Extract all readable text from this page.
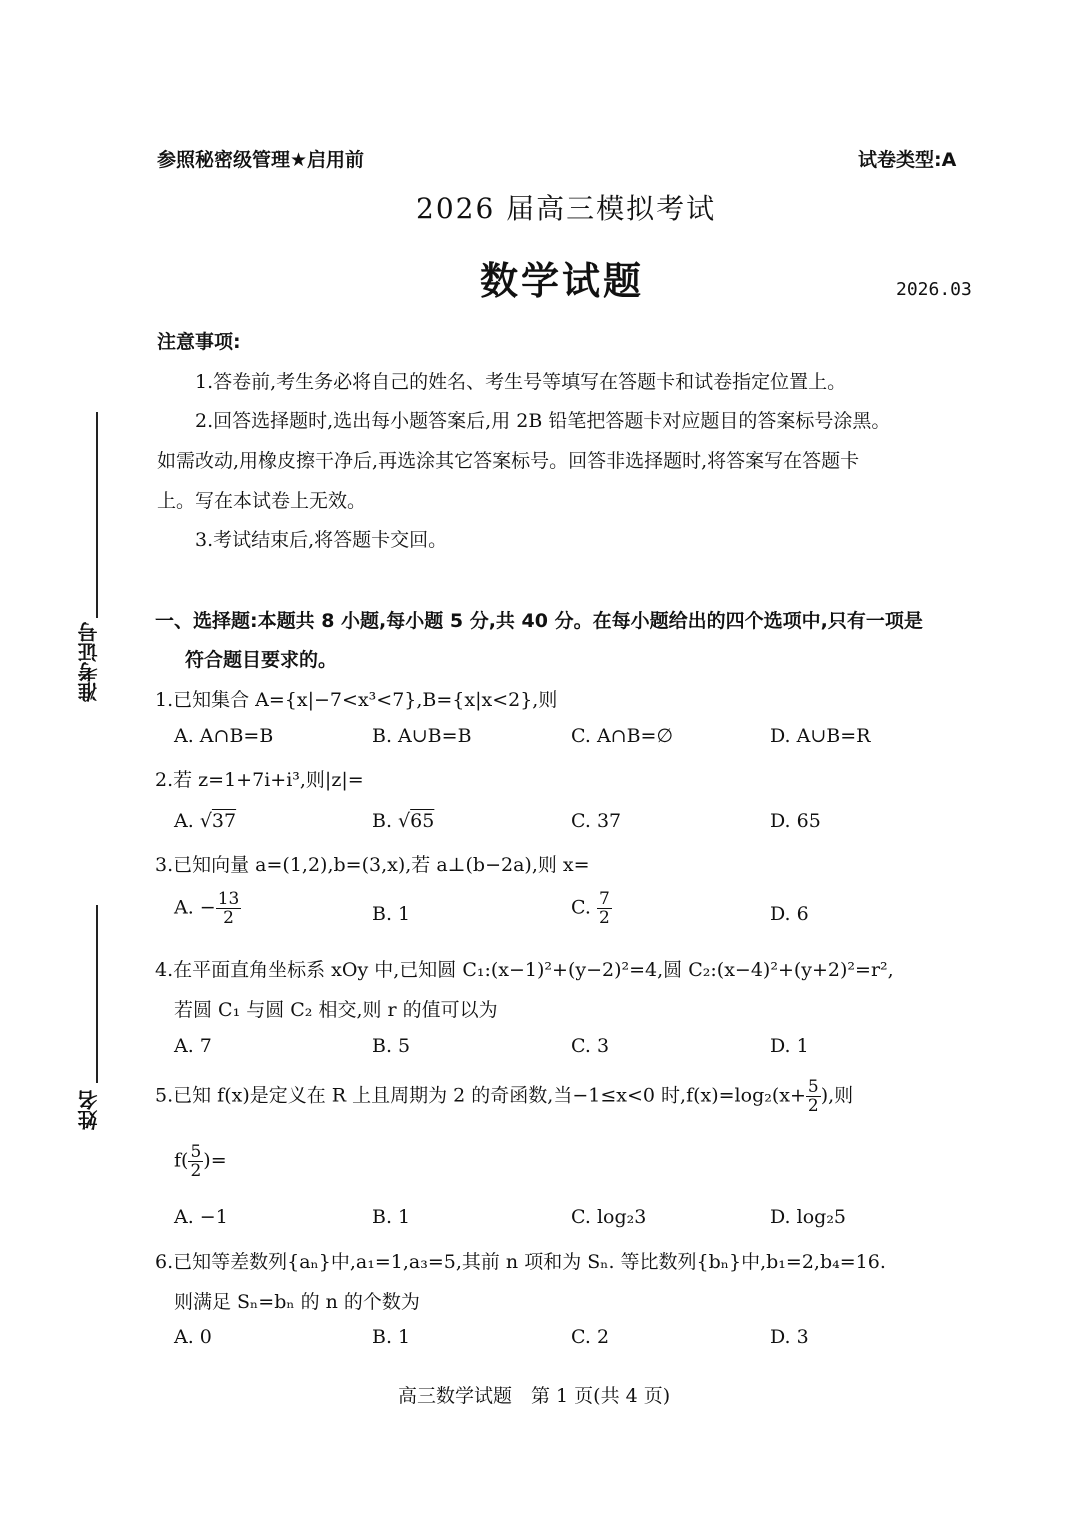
参照秘密级管理★启用前	试卷类型:A
2026 届高三模拟考试
数学试题	2026.03
注意事项:
1.答卷前,考生务必将自己的姓名、考生号等填写在答题卡和试卷指定位置上。
2.回答选择题时,选出每小题答案后,用 2B 铅笔把答题卡对应题目的答案标号涂黑。
如需改动,用橡皮擦干净后,再选涂其它答案标号。回答非选择题时,将答案写在答题卡
上。写在本试卷上无效。
3.考试结束后,将答题卡交回。
准考证号
姓名
一、选择题:本题共 8 小题,每小题 5 分,共 40 分。在每小题给出的四个选项中,只有一项是
符合题目要求的。
1.已知集合 A={x|−7<x³<7},B={x|x<2},则
A. A∩B=B	B. A∪B=B	C. A∩B=∅	D. A∪B=R
2.若 z=1+7i+i³,则|z|=
A. √37	B. √65	C. 37	D. 65
3.已知向量 a=(1,2),b=(3,x),若 a⊥(b−2a),则 x=
A. − $\frac{13}{2}$	B. 1	C. $\frac{7}{2}$	D. 6
4.在平面直角坐标系 xOy 中,已知圆 C₁:(x−1)²+(y−2)²=4,圆 C₂:(x−4)²+(y+2)²=r²,
若圆 C₁ 与圆 C₂ 相交,则 r 的值可以为
A. 7	B. 5	C. 3	D. 1
5.已知 f(x)是定义在 R 上且周期为 2 的奇函数,当−1≤x<0 时$,f(x)=\log_2(x+ \frac{5}{2}$ ),则
$f( \frac{5}{2}$ )=
A. −1	B. 1	C. log₂3	D. log₂5
6.已知等差数列{aₙ}中,a₁=1,a₃=5,其前 n 项和为 Sₙ. 等比数列{bₙ}中,b₁=2,b₄=16.
则满足 Sₙ=bₙ 的 n 的个数为
A. 0	B. 1	C. 2	D. 3
高三数学试题　第 1 页(共 4 页)
